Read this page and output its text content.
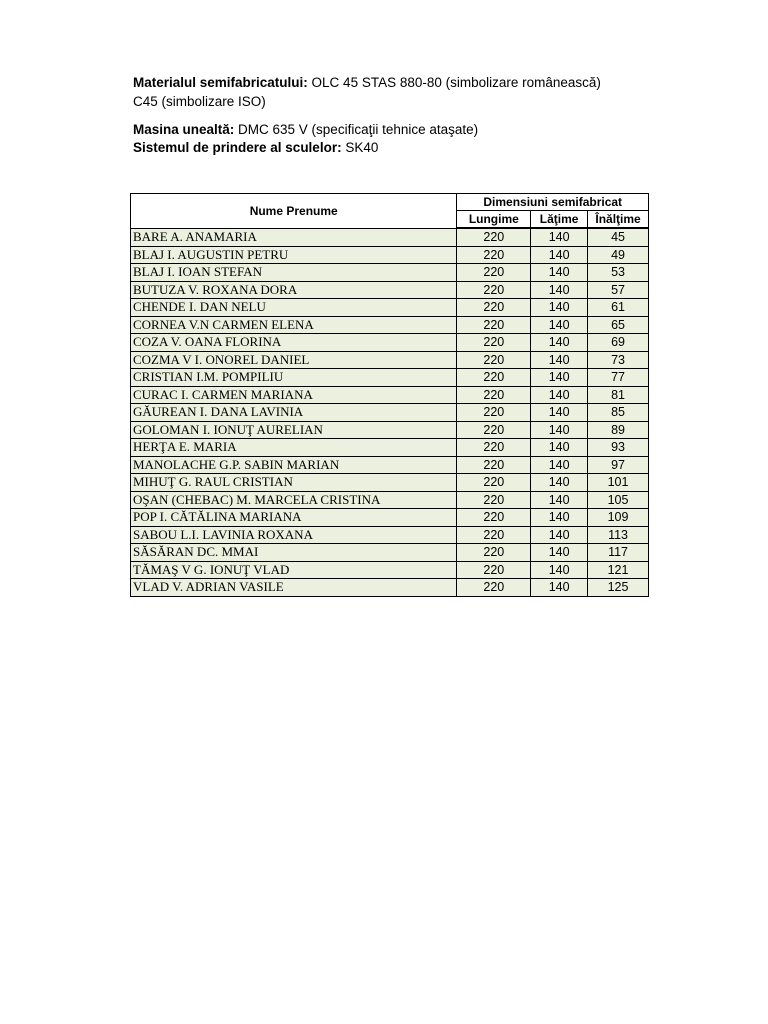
Materialul semifabricatului: OLC 45 STAS 880-80 (simbolizare românească)
C45 (simbolizare ISO)
Masina unealtă: DMC 635 V (specificaţii tehnice ataşate)
Sistemul de prindere al sculelor: SK40
Nume Prenume	Dimensiuni semifabricat		
	Lungime	Lăţime	Înălţime
BARE A. ANAMARIA	220	140	45
BLAJ I. AUGUSTIN PETRU	220	140	49
BLAJ I. IOAN STEFAN	220	140	53
BUTUZA V. ROXANA DORA	220	140	57
CHENDE I. DAN NELU	220	140	61
CORNEA V.N CARMEN ELENA	220	140	65
COZA V. OANA FLORINA	220	140	69
COZMA V I. ONOREL DANIEL	220	140	73
CRISTIAN I.M. POMPILIU	220	140	77
CURAC I. CARMEN MARIANA	220	140	81
GĂUREAN I. DANA LAVINIA	220	140	85
GOLOMAN I. IONUŢ AURELIAN	220	140	89
HERŢA E. MARIA	220	140	93
MANOLACHE G.P. SABIN MARIAN	220	140	97
MIHUŢ G. RAUL CRISTIAN	220	140	101
OŞAN (CHEBAC) M. MARCELA CRISTINA	220	140	105
POP I. CĂTĂLINA MARIANA	220	140	109
SABOU L.I. LAVINIA ROXANA	220	140	113
SĂSĂRAN DC. MMAI	220	140	117
TĂMAŞ V G. IONUŢ VLAD	220	140	121
VLAD V. ADRIAN VASILE	220	140	125
